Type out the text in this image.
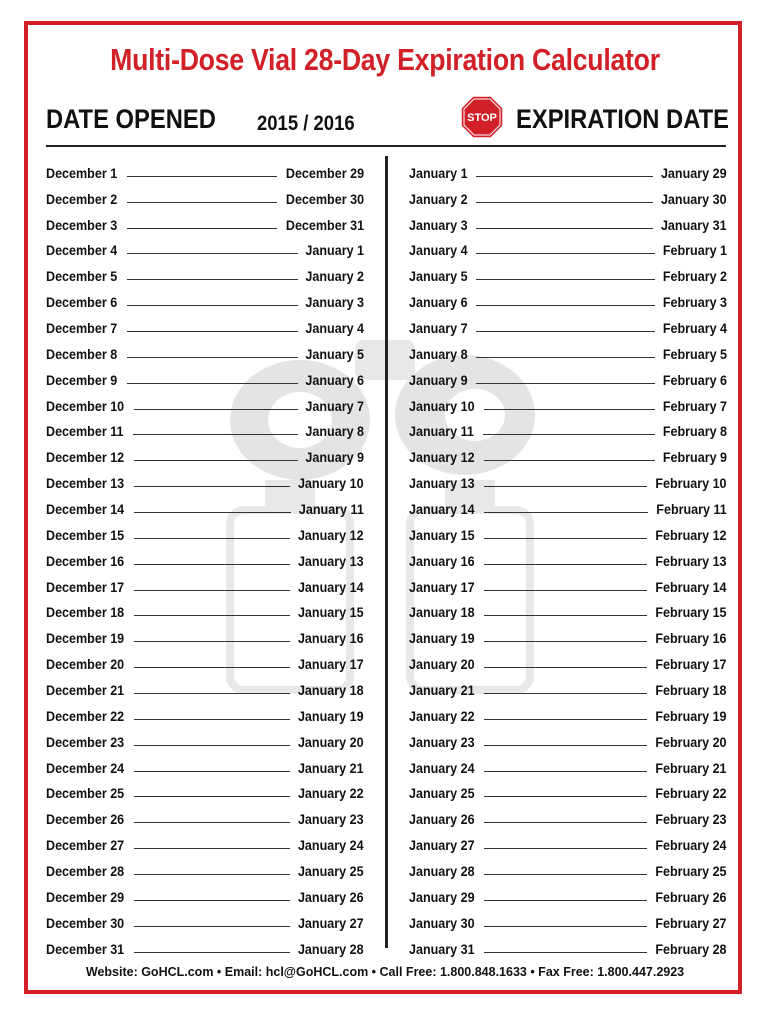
Multi-Dose Vial 28-Day Expiration Calculator
DATE OPENED 2015 / 2016	STOP EXPIRATION DATE
December 1	December 29
December 2	December 30
December 3	December 31
December 4	January 1
December 5	January 2
December 6	January 3
December 7	January 4
December 8	January 5
December 9	January 6
December 10	January 7
December 11	January 8
December 12	January 9
December 13	January 10
December 14	January 11
December 15	January 12
December 16	January 13
December 17	January 14
December 18	January 15
December 19	January 16
December 20	January 17
December 21	January 18
December 22	January 19
December 23	January 20
December 24	January 21
December 25	January 22
December 26	January 23
December 27	January 24
December 28	January 25
December 29	January 26
December 30	January 27
December 31	January 28
January 1	January 29
January 2	January 30
January 3	January 31
January 4	February 1
January 5	February 2
January 6	February 3
January 7	February 4
January 8	February 5
January 9	February 6
January 10	February 7
January 11	February 8
January 12	February 9
January 13	February 10
January 14	February 11
January 15	February 12
January 16	February 13
January 17	February 14
January 18	February 15
January 19	February 16
January 20	February 17
January 21	February 18
January 22	February 19
January 23	February 20
January 24	February 21
January 25	February 22
January 26	February 23
January 27	February 24
January 28	February 25
January 29	February 26
January 30	February 27
January 31	February 28
Website: GoHCL.com • Email: hcl@GoHCL.com • Call Free: 1.800.848.1633 • Fax Free: 1.800.447.2923
